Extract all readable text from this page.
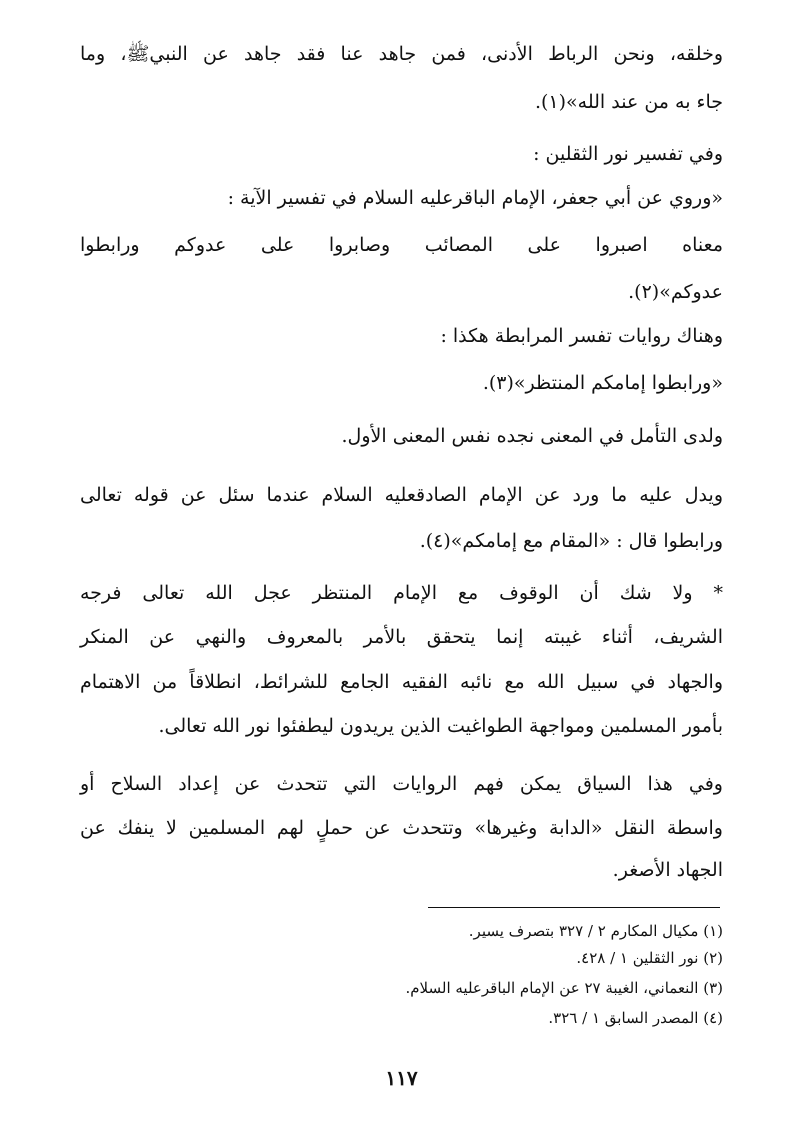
وخلقه، ونحن الرباط الأدنى، فمن جاهد عنا فقد جاهد عن النبيﷺ، وما
جاء به من عند الله»(١).
وفي تفسير نور الثقلين :
«وروي عن أبي جعفر، الإمام الباقرعليه السلام في تفسير الآية :
معناه اصبروا على المصائب وصابروا على عدوكم ورابطوا
عدوكم»(٢).
وهناك روايات تفسر المرابطة هكذا :
«ورابطوا إمامكم المنتظر»(٣).
ولدى التأمل في المعنى نجده نفس المعنى الأول.
ويدل عليه ما ورد عن الإمام الصادقعليه السلام عندما سئل عن قوله تعالى
ورابطوا قال : «المقام مع إمامكم»(٤).
* ولا شك أن الوقوف مع الإمام المنتظر عجل الله تعالى فرجه
الشريف، أثناء غيبته إنما يتحقق بالأمر بالمعروف والنهي عن المنكر
والجهاد في سبيل الله مع نائبه الفقيه الجامع للشرائط، انطلاقاً من الاهتمام
بأمور المسلمين ومواجهة الطواغيت الذين يريدون ليطفئوا نور الله تعالى.
وفي هذا السياق يمكن فهم الروايات التي تتحدث عن إعداد السلاح أو
واسطة النقل «الدابة وغيرها» وتتحدث عن حملٍ لهم المسلمين لا ينفك عن
الجهاد الأصغر.
(١) مكيال المكارم ٢ / ٣٢٧ بتصرف يسير.
(٢) نور الثقلين ١ / ٤٢٨.
(٣) النعماني، الغيبة ٢٧ عن الإمام الباقرعليه السلام.
(٤) المصدر السابق ١ / ٣٢٦.
١١٧
